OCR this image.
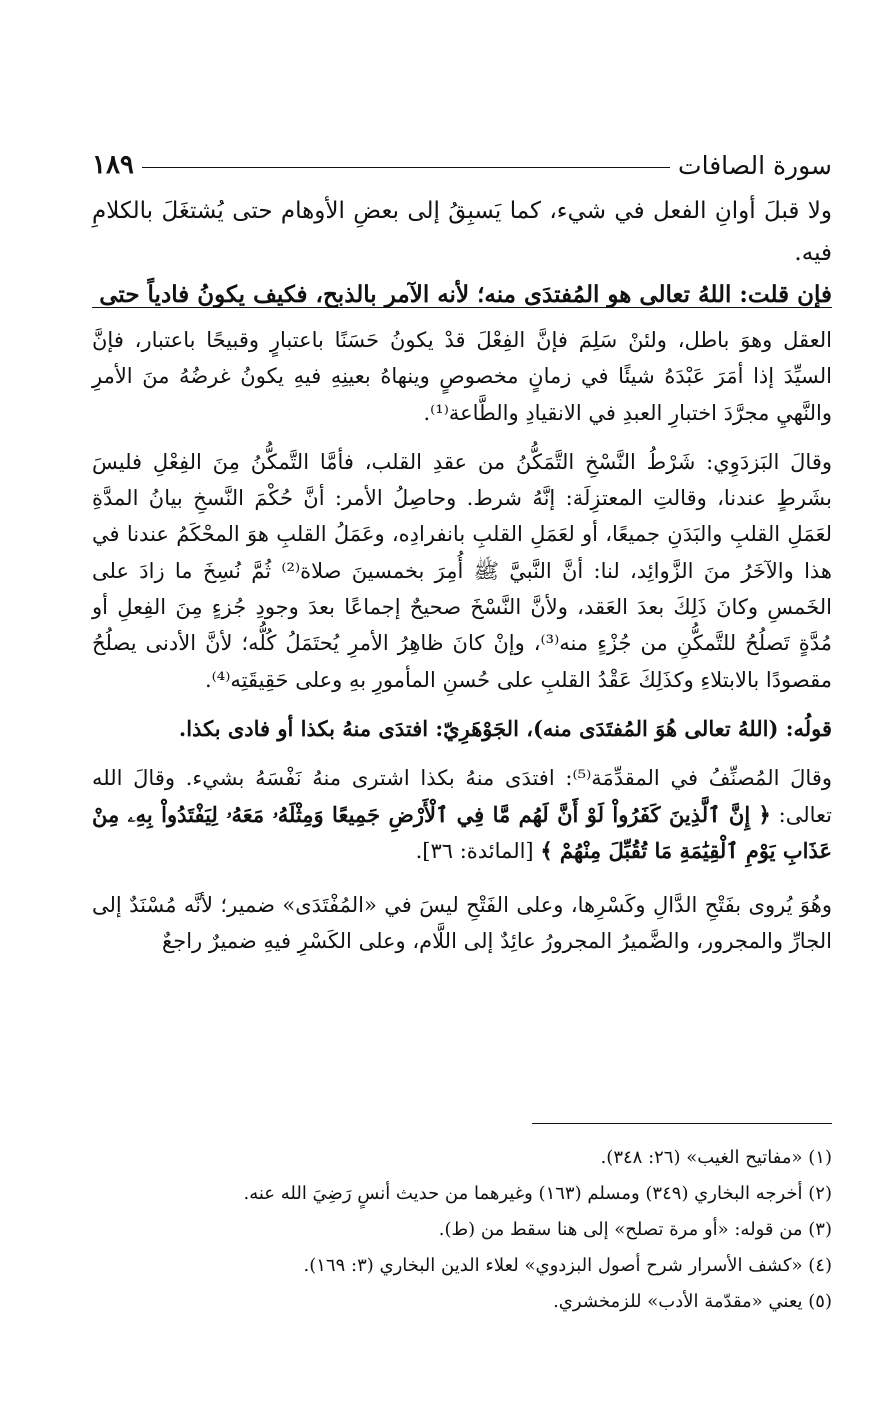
سورة الصافات
١٨٩

ولا قبلَ أوانِ الفعل في شيء، كما يَسبِقُ إلى بعضِ الأوهام حتى يُشتغَلَ بالكلامِ فيه.

فإن قلت: اللهُ تعالى هو المُفتدَى منه؛ لأنه الآمر بالذبح، فكيف يكونُ فادياً حتى

العقل وهوَ باطل، ولئنْ سَلِمَ فإنَّ الفِعْلَ قدْ يكونُ حَسَنًا باعتبارٍ وقبيحًا باعتبار، فإنَّ السيِّدَ إذا أمَرَ عَبْدَهُ شيئًا في زمانٍ مخصوصٍ وينهاهُ بعينِهِ فيهِ يكونُ غرضُهُ منَ الأمرِ والنَّهيِ مجرَّدَ اختبارِ العبدِ في الانقيادِ والطَّاعة⁽¹⁾.

وقالَ البَزدَوِي: شَرْطُ النَّسْخِ التَّمَكُّنُ من عقدِ القلب، فأمَّا التَّمكُّنُ مِنَ الفِعْلِ فليسَ بشَرطٍ عندنا، وقالتِ المعتزِلَة: إنَّهُ شرط. وحاصِلُ الأمر: أنَّ حُكْمَ النَّسخِ بيانُ المدَّةِ لعَمَلِ القلبِ والبَدَنِ جميعًا، أو لعَمَلِ القلبِ بانفرادِه، وعَمَلُ القلبِ هوَ المحْكَمُ عندنا في هذا والآخَرُ منَ الزَّوائِد، لنا: أنَّ النَّبيَّ ﷺ أُمِرَ بخمسينَ صلاة⁽²⁾ ثُمَّ نُسِخَ ما زادَ على الخَمسِ وكانَ ذَلِكَ بعدَ العَقد، ولأنَّ النَّسْخَ صحيحٌ إجماعًا بعدَ وجودِ جُزءٍ مِنَ الفِعلِ أو مُدَّةٍ تَصلُحُ للتَّمكُّنِ من جُزْءٍ منه⁽³⁾، وإنْ كانَ ظاهِرُ الأمرِ يُحتَمَلُ كُلُّه؛ لأنَّ الأدنى يصلُحُ مقصودًا بالابتلاءِ وكذَلِكَ عَقْدُ القلبِ على حُسنِ المأمورِ بهِ وعلى حَقِيقَتِه⁽⁴⁾.

قولُه: (اللهُ تعالى هُوَ المُفتَدَى منه)، الجَوْهَرِيّ: افتدَى منهُ بكذا أو فادى بكذا.

وقالَ المُصنِّفُ في المقدِّمَة⁽⁵⁾: افتدَى منهُ بكذا اشترى منهُ نَفْسَهُ بشيء. وقالَ الله تعالى: ﴿ إِنَّ ٱلَّذِينَ كَفَرُواْ لَوْ أَنَّ لَهُم مَّا فِي ٱلْأَرْضِ جَمِيعًا وَمِثْلَهُۥ مَعَهُۥ لِيَفْتَدُواْ بِهِۦ مِنْ عَذَابِ يَوْمِ ٱلْقِيَٰمَةِ مَا تُقُبِّلَ مِنْهُمْ ﴾ [المائدة: ٣٦].

وهُوَ يُروى بفَتْحِ الدَّالِ وكَسْرِها، وعلى الفَتْحِ ليسَ في «المُفْتَدَى» ضمير؛ لأنَّه مُسْنَدٌ إلى الجارِّ والمجرور، والضَّميرُ المجرورُ عائِدٌ إلى اللَّام، وعلى الكَسْرِ فيهِ ضميرٌ راجعٌ

(١) «مفاتيح الغيب» (٢٦: ٣٤٨).

(٢) أخرجه البخاري (٣٤٩) ومسلم (١٦٣) وغيرهما من حديث أنسٍ رَضِيَ الله عنه.

(٣) من قوله: «أو مرة تصلح» إلى هنا سقط من (ط).

(٤) «كشف الأسرار شرح أصول البزدوي» لعلاء الدين البخاري (٣: ١٦٩).

(٥) يعني «مقدّمة الأدب» للزمخشري.
